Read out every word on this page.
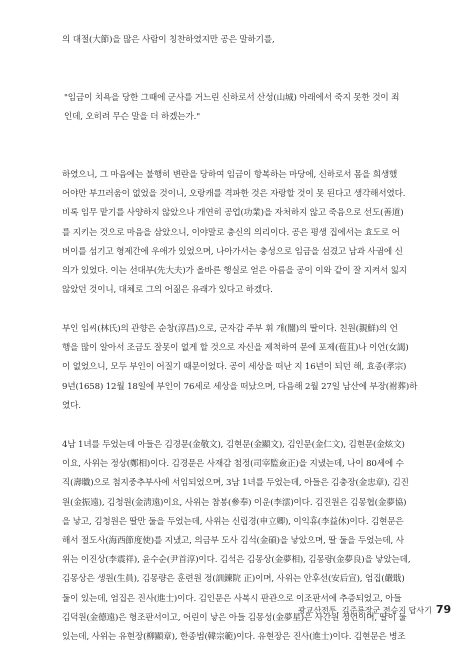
의 대절(大節)을 많은 사람이 칭찬하였지만 공은 말하기를,

"임금이 치욕을 당한 그때에 군사를 거느린 신하로서 산성(山城) 아래에서 죽지 못한 것이 죄

인데, 오히려 무슨 말을 더 하겠는가."

하였으니, 그 마음에는 불행히 변란을 당하여 임금이 항복하는 마당에, 신하로서 몸을 희생했

어야만 부끄러움이 없었을 것이니, 오랑캐를 격파한 것은 자랑할 것이 못 된다고 생각해서였다.

비록 임무 맡기를 사양하지 않았으나 개연히 공업(功業)을 자처하지 않고 죽음으로 선도(善道)

를 지키는 것으로 마음을 삼았으니, 이야말로 충신의 의리이다. 공은 평생 집에서는 효도로 어

버이를 섬기고 형제간에 우애가 있었으며, 나아가서는 충성으로 임금을 섬겼고 남과 사귐에 신

의가 있었다. 이는 선대부(先大夫)가 올바른 행실로 얻은 아름을 공이 이와 같이 잘 지켜서 잃지

않았던 것이니, 대체로 그의 어짊은 유래가 있다고 하겠다.

부인 임씨(林氏)의 관향은 순창(淳昌)으로, 군자감 주부 휘 개(闓)의 딸이다. 친원(親鮮)의 언

행을 많이 알아서 조금도 잘못이 없게 할 것으로 자신을 제척하여 문에 포제(苞苴)나 이언(女謁)

이 없었으니, 모두 부인이 어질기 때문이었다. 공이 세상을 떠난 지 16년이 되던 해, 효종(孝宗)

9년(1658) 12월 18일에 부인이 76세로 세상을 떠났으며, 다음해 2월 27일 남산에 부장(祔葬)하

였다.

4남 1녀를 두었는데 아들은 김경문(金敬文), 김현문(金顯文), 김인문(金仁文), 김현문(金炫文)

이요, 사위는 정상(鄭相)이다. 김경문은 사재감 첨정(司宰監僉正)을 지냈는데, 나이 80세에 수

직(壽職)으로 첨지중추부사에 서임되었으며, 3남 1녀를 두었는데, 아들은 김충장(金忠章), 김진

원(金振遠), 김청원(金淸遠)이요, 사위는 참봉(參奉) 이운(李澐)이다. 김진원은 김몽협(金夢協)

을 낳고, 김청원은 딸만 둘을 두었는데, 사위는 신립경(申立卿), 이익휴(李益休)이다. 김현문은

해서 절도사(海西節度使)를 지냈고, 의금부 도사 김석(金碩)을 낳았으며, 딸 둘을 두었는데, 사

위는 이진상(李震祥), 윤수순(尹首淳)이다. 김석은 김몽상(金夢相), 김몽량(金夢良)을 낳았는데,

김몽상은 생원(生員), 김몽량은 훈련원 정(訓鍊院 正)이며, 사위는 안후선(安后宣), 엄집(嚴戢)

둘이 있는데, 엄집은 진사(進士)이다. 김인문은 사복시 판관으로 이조판서에 추증되었고, 아들

김덕원(金德遠)은 형조판서이고, 어린이 낳은 아들 김몽성(金夢星)은 사간원 정언이며, 딸이 둘

있는데, 사위는 유현장(柳顯章), 한종범(韓宗範)이다. 유현장은 진사(進士)이다. 김현문은 병조

광교산전투, 김준룡장군 전승지 답사기 79
